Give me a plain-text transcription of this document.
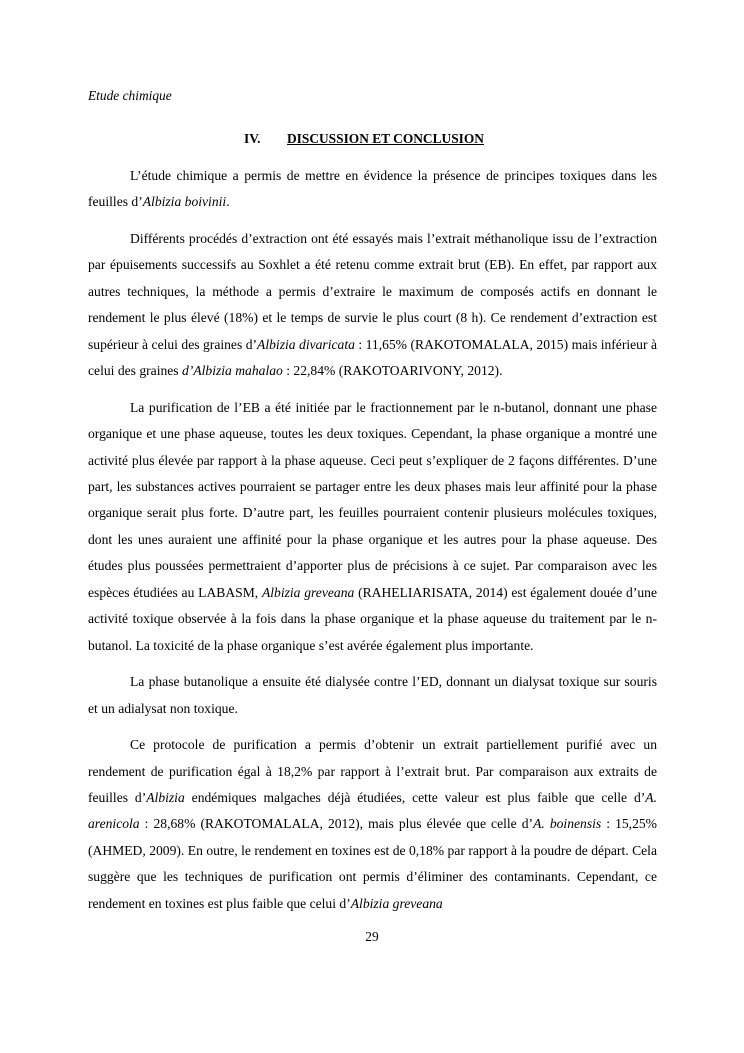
Etude chimique
IV. DISCUSSION ET CONCLUSION

L’étude chimique a permis de mettre en évidence la présence de principes toxiques dans les feuilles d’Albizia boivinii.

Différents procédés d’extraction ont été essayés mais l’extrait méthanolique issu de l’extraction par épuisements successifs au Soxhlet a été retenu comme extrait brut (EB). En effet, par rapport aux autres techniques, la méthode a permis d’extraire le maximum de composés actifs en donnant le rendement le plus élevé (18%) et le temps de survie le plus court (8 h). Ce rendement d’extraction est supérieur à celui des graines d’Albizia divaricata : 11,65% (RAKOTOMALALA, 2015) mais inférieur à celui des graines d’Albizia mahalao : 22,84% (RAKOTOARIVONY, 2012).

La purification de l’EB a été initiée par le fractionnement par le n-butanol, donnant une phase organique et une phase aqueuse, toutes les deux toxiques. Cependant, la phase organique a montré une activité plus élevée par rapport à la phase aqueuse. Ceci peut s’expliquer de 2 façons différentes. D’une part, les substances actives pourraient se partager entre les deux phases mais leur affinité pour la phase organique serait plus forte. D’autre part, les feuilles pourraient contenir plusieurs molécules toxiques, dont les unes auraient une affinité pour la phase organique et les autres pour la phase aqueuse. Des études plus poussées permettraient d’apporter plus de précisions à ce sujet. Par comparaison avec les espèces étudiées au LABASM, Albizia greveana (RAHELIARISATA, 2014) est également douée d’une activité toxique observée à la fois dans la phase organique et la phase aqueuse du traitement par le n-butanol. La toxicité de la phase organique s’est avérée également plus importante.

La phase butanolique a ensuite été dialysée contre l’ED, donnant un dialysat toxique sur souris et un adialysat non toxique.

Ce protocole de purification a permis d’obtenir un extrait partiellement purifié avec un rendement de purification égal à 18,2% par rapport à l’extrait brut. Par comparaison aux extraits de feuilles d’Albizia endémiques malgaches déjà étudiées, cette valeur est plus faible que celle d’A. arenicola : 28,68% (RAKOTOMALALA, 2012), mais plus élevée que celle d’A. boinensis : 15,25% (AHMED, 2009). En outre, le rendement en toxines est de 0,18% par rapport à la poudre de départ. Cela suggère que les techniques de purification ont permis d’éliminer des contaminants. Cependant, ce rendement en toxines est plus faible que celui d’Albizia greveana

29
